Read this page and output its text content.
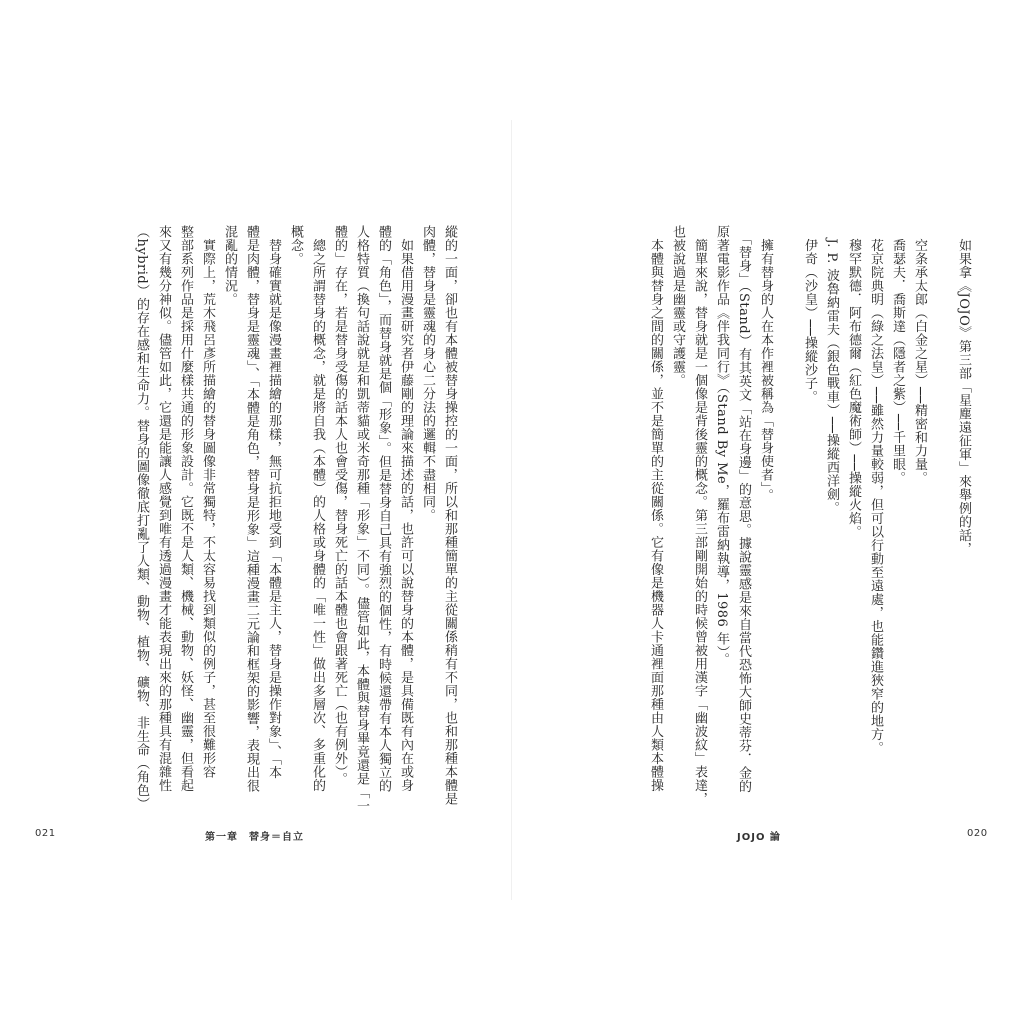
　如果拿《JOJO》第三部「星塵遠征軍」來舉例的話，
　空条承太郎（白金之星）──精密和力量。
　喬瑟夫．喬斯達（隱者之紫）──千里眼。
　花京院典明（綠之法皇）──雖然力量較弱，但可以行動至遠處，也能鑽進狹窄的地方。
　穆罕默德．阿布德爾（紅色魔術師）──操縱火焰。
　J. P. 波魯納雷夫（銀色戰車）──操縱西洋劍。
　伊奇（沙皇）──操縱沙子。
　擁有替身的人在本作裡被稱為「替身使者」。
　「替身」（Stand）有其英文「站在身邊」的意思。據說靈感是來自當代恐怖大師史蒂芬．金的
原著電影作品《伴我同行》（Stand By Me，羅布雷納執導，1986 年）。
　簡單來說，替身就是一個像是背後靈的概念。第三部剛開始的時候曾被用漢字「幽波紋」表達，
也被說過是幽靈或守護靈。
　本體與替身之間的關係，並不是簡單的主從關係。它有像是機器人卡通裡面那種由人類本體操
JOJO 論	020
縱的一面，卻也有本體被替身操控的一面，所以和那種簡單的主從關係稍有不同，也和那種本體是
肉體，替身是靈魂的身心二分法的邏輯不盡相同。
　如果借用漫畫研究者伊藤剛的理論來描述的話，也許可以說替身的本體，是具備既有內在或身
體的「角色」，而替身就是個「形象」。但是替身自己具有強烈的個性，有時候還帶有本人獨立的
人格特質（換句話說就是和凱蒂貓或米奇那種「形象」不同）。儘管如此，本體與替身畢竟還是「一
體的」存在，若是替身受傷的話本人也會受傷，替身死亡的話本體也會跟著死亡（也有例外）。
　總之所謂替身的概念，就是將自我（本體）的人格或身體的「唯一性」做出多層次、多重化的
概念。
　替身確實就是像漫畫裡描繪的那樣，無可抗拒地受到「本體是主人，替身是操作對象」、「本
體是肉體，替身是靈魂」、「本體是角色，替身是形象」這種漫畫二元論和框架的影響，表現出很
混亂的情況。
　實際上，荒木飛呂彥所描繪的替身圖像非常獨特，不太容易找到類似的例子，甚至很難形容
整部系列作品是採用什麼樣共通的形象設計。它既不是人類、機械、動物、妖怪、幽靈，但看起
來又有幾分神似。儘管如此，它還是能讓人感覺到唯有透過漫畫才能表現出來的那種具有混雜性
（hybrid）的存在感和生命力。替身的圖像徹底打亂了人類、動物、植物、礦物、非生命（角色）
021	第一章　替身＝自立
